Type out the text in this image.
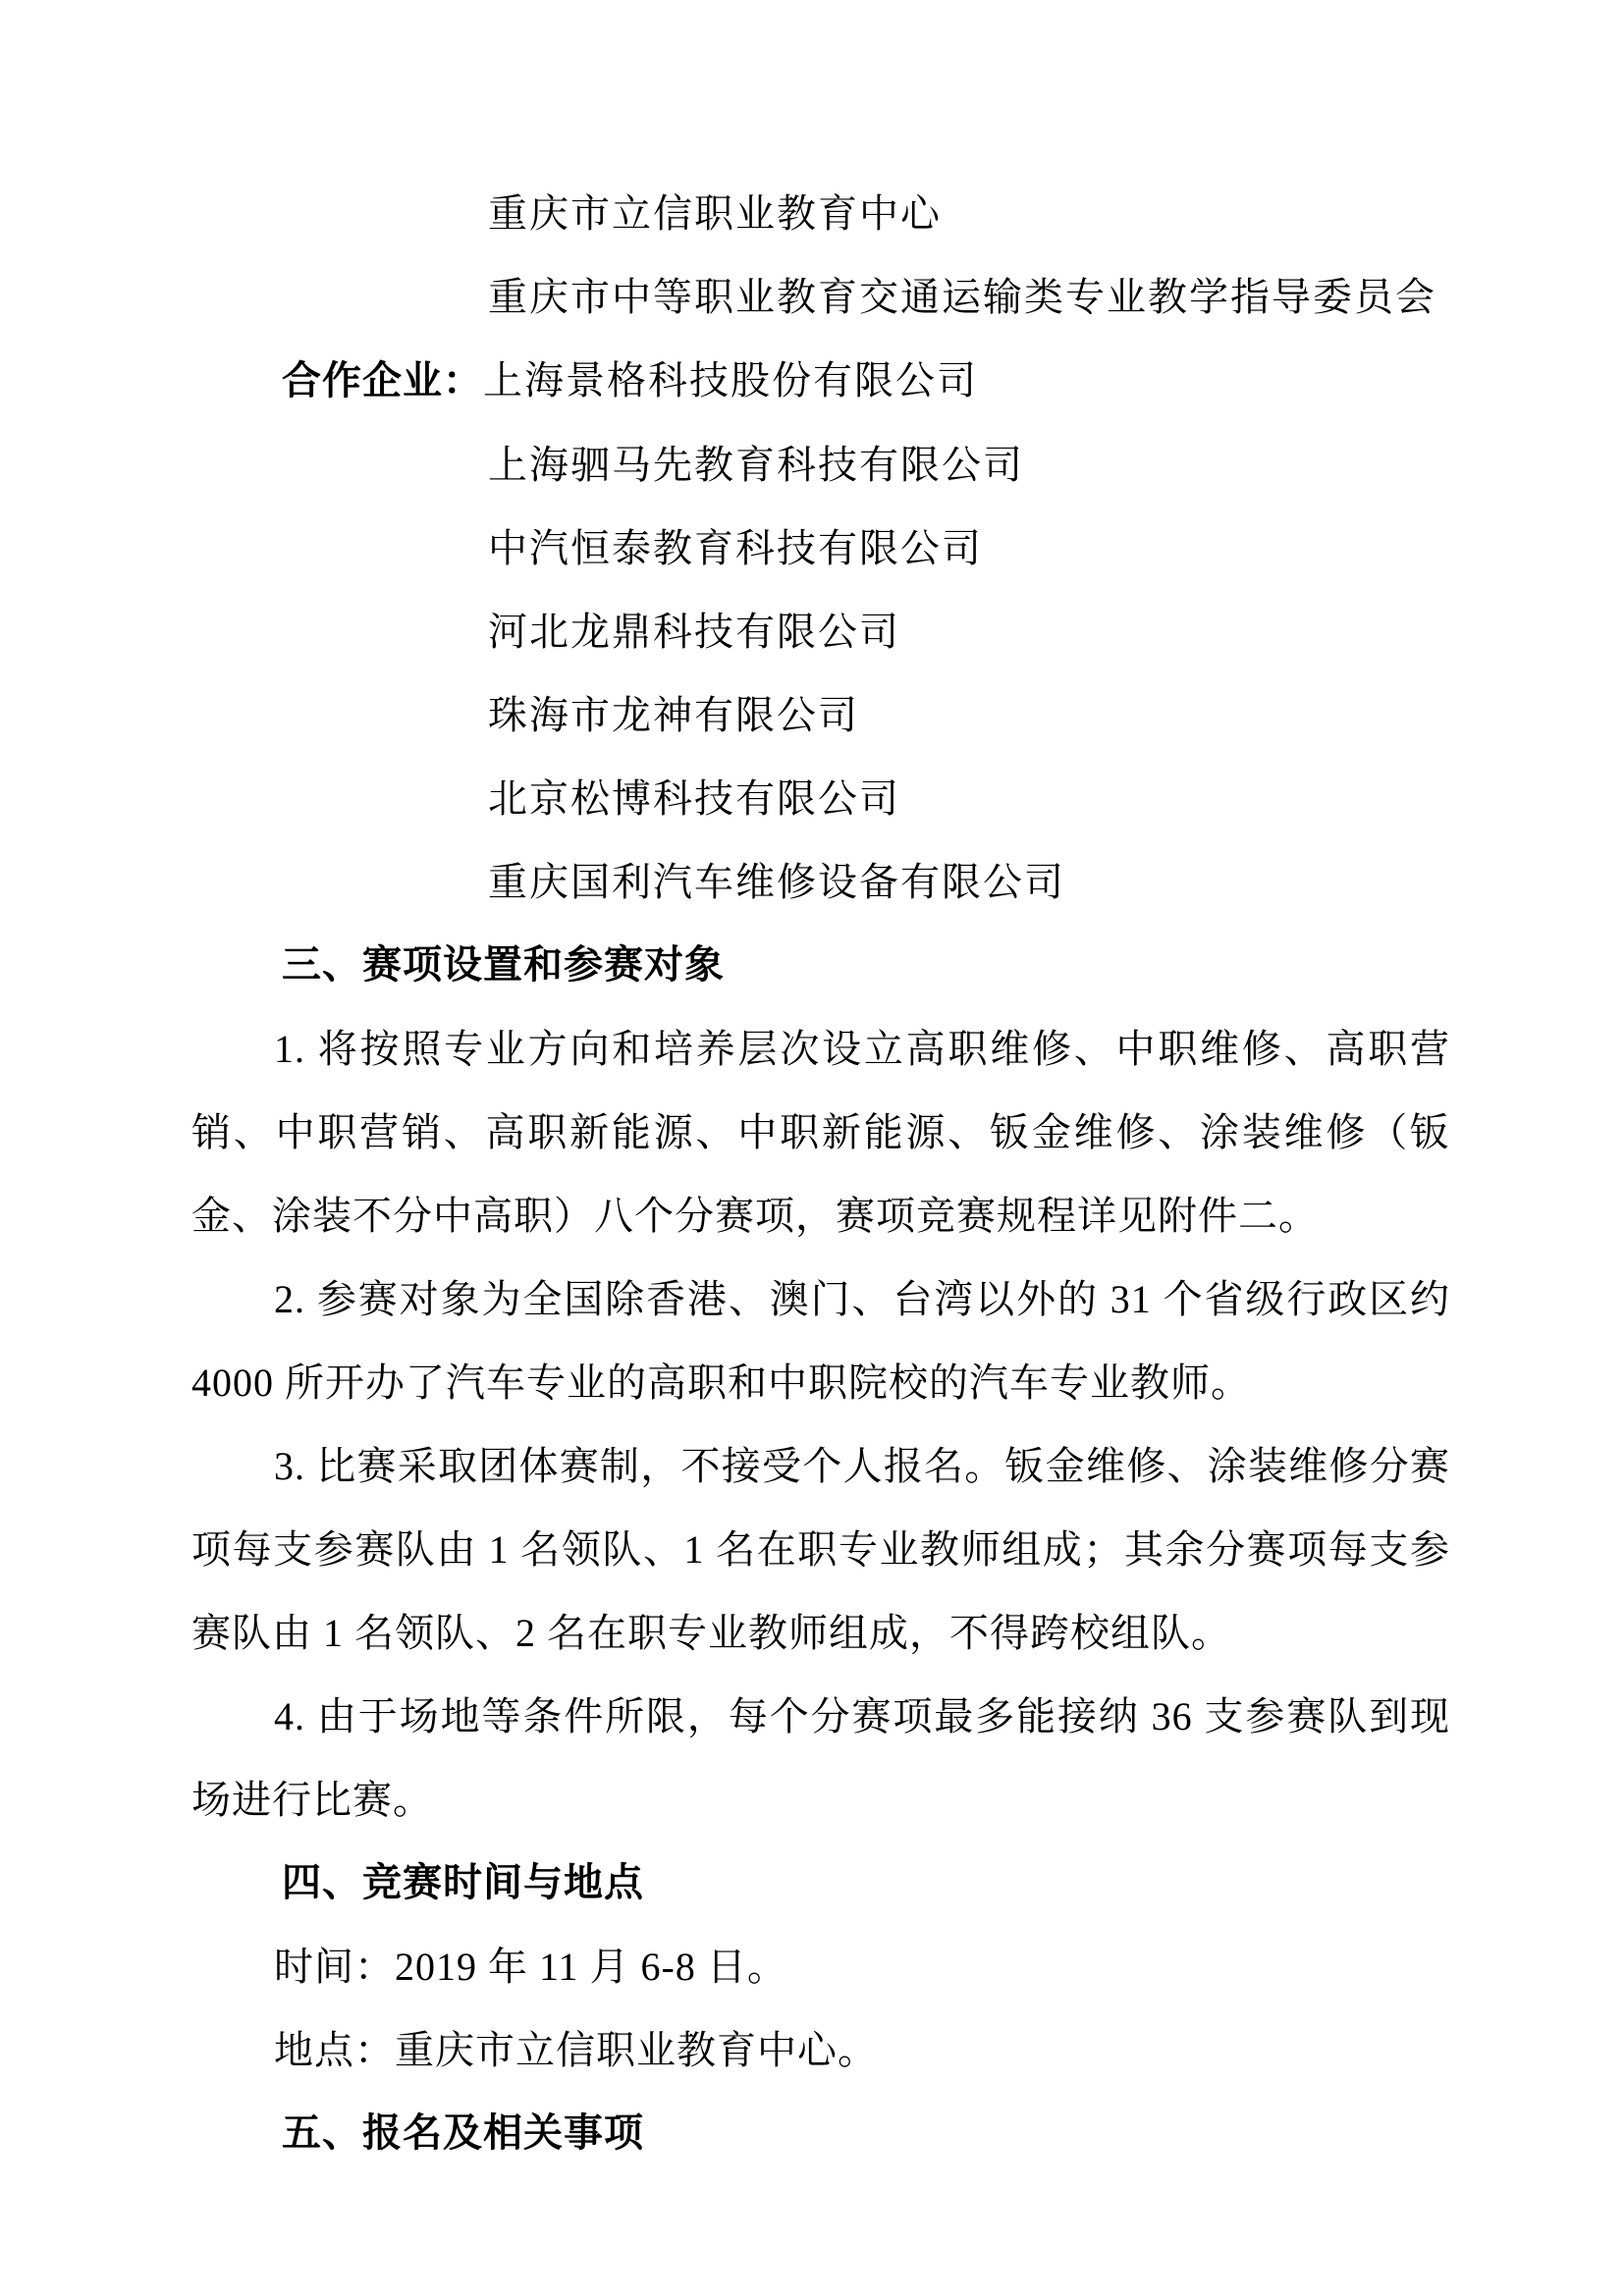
重庆市立信职业教育中心
重庆市中等职业教育交通运输类专业教学指导委员会
合作企业：上海景格科技股份有限公司
上海驷马先教育科技有限公司
中汽恒泰教育科技有限公司
河北龙鼎科技有限公司
珠海市龙神有限公司
北京松博科技有限公司
重庆国利汽车维修设备有限公司
三、赛项设置和参赛对象
1. 将按照专业方向和培养层次设立高职维修、中职维修、高职营销、中职营销、高职新能源、中职新能源、钣金维修、涂装维修（钣金、涂装不分中高职）八个分赛项，赛项竞赛规程详见附件二。
2. 参赛对象为全国除香港、澳门、台湾以外的 31 个省级行政区约 4000 所开办了汽车专业的高职和中职院校的汽车专业教师。
3. 比赛采取团体赛制，不接受个人报名。钣金维修、涂装维修分赛项每支参赛队由 1 名领队、1 名在职专业教师组成；其余分赛项每支参赛队由 1 名领队、2 名在职专业教师组成，不得跨校组队。
4. 由于场地等条件所限，每个分赛项最多能接纳 36 支参赛队到现场进行比赛。
四、竞赛时间与地点
时间：2019 年 11 月 6-8 日。
地点：重庆市立信职业教育中心。
五、报名及相关事项
